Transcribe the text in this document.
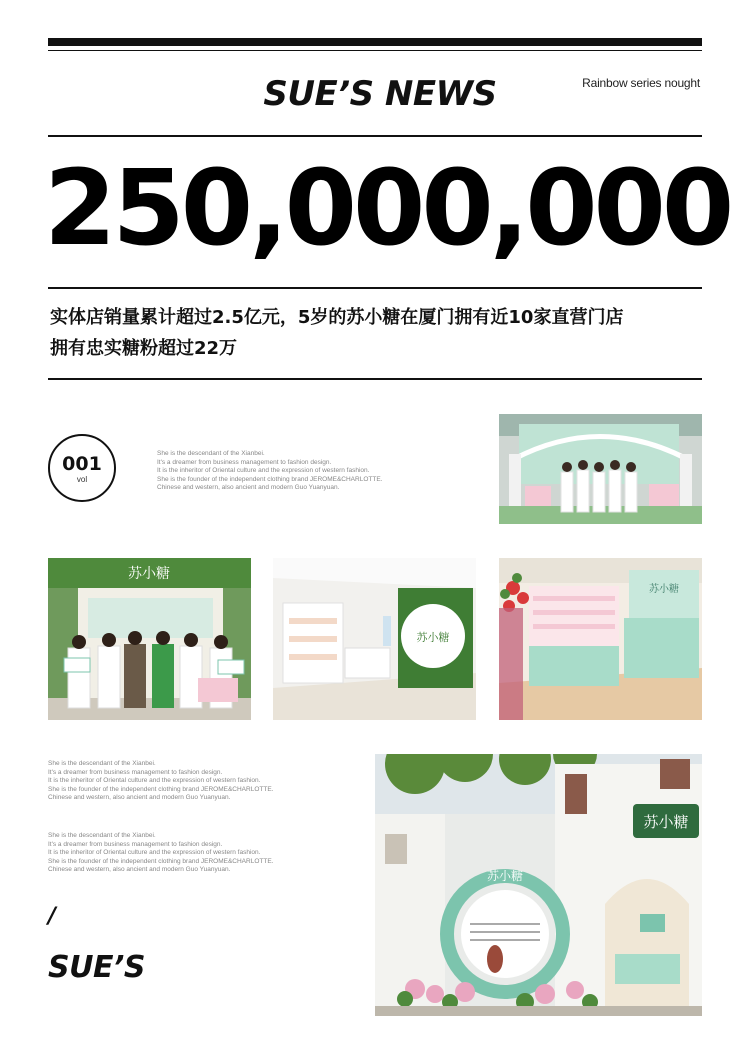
SUE’S NEWS	Rainbow series nought
250,000,000
实体店销量累计超过2.5亿元，5岁的苏小糖在厦门拥有近10家直营门店
拥有忠实糖粉超过22万
001
vol
She is the descendant of the Xianbei.
It's a dreamer from business management to fashion design.
It is the inheritor of Oriental culture and the expression of western fashion.
She is the founder of the independent clothing brand JEROME&CHARLOTTE.
Chinese and western, also ancient and modern Guo Yuanyuan.
苏小糖
苏小糖
苏小糖
She is the descendant of the Xianbei.
It's a dreamer from business management to fashion design.
It is the inheritor of Oriental culture and the expression of western fashion.
She is the founder of the independent clothing brand JEROME&CHARLOTTE.
Chinese and western, also ancient and modern Guo Yuanyuan.
She is the descendant of the Xianbei.
It's a dreamer from business management to fashion design.
It is the inheritor of Oriental culture and the expression of western fashion.
She is the founder of the independent clothing brand JEROME&CHARLOTTE.
Chinese and western, also ancient and modern Guo Yuanyuan.
苏小糖
苏小糖
/
SUE’S
